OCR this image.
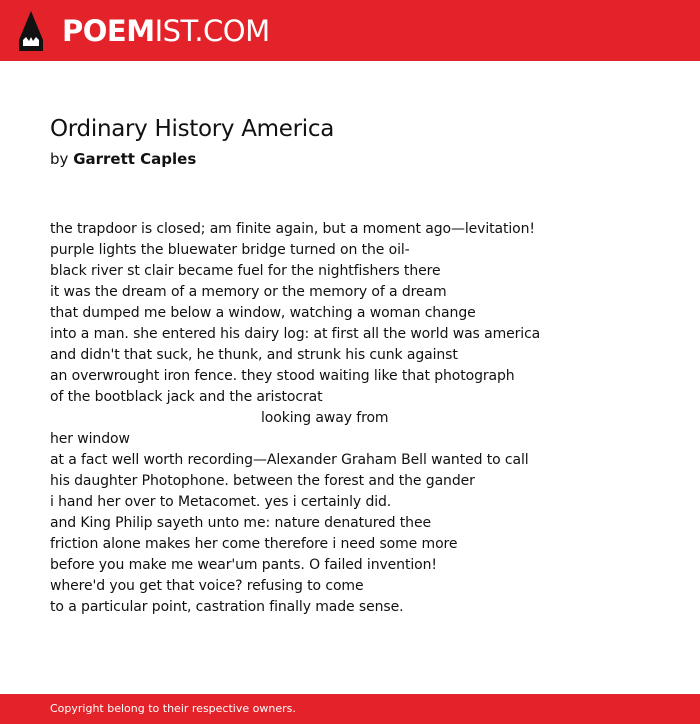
POEMIST.COM
Ordinary History America
by Garrett Caples
the trapdoor is closed; am finite again, but a moment ago—levitation!
purple lights the bluewater bridge turned on the oil-
black river st clair became fuel for the nightfishers there
it was the dream of a memory or the memory of a dream
that dumped me below a window, watching a woman change
into a man. she entered his dairy log: at first all the world was america
and didn't that suck, he thunk, and strunk his cunk against
an overwrought iron fence. they stood waiting like that photograph
of the bootblack jack and the aristocrat
looking away from
her window
at a fact well worth recording—Alexander Graham Bell wanted to call
his daughter Photophone. between the forest and the gander
i hand her over to Metacomet. yes i certainly did.
and King Philip sayeth unto me: nature denatured thee
friction alone makes her come therefore i need some more
before you make me wear'um pants. O failed invention!
where'd you get that voice? refusing to come
to a particular point, castration finally made sense.
Copyright belong to their respective owners.
